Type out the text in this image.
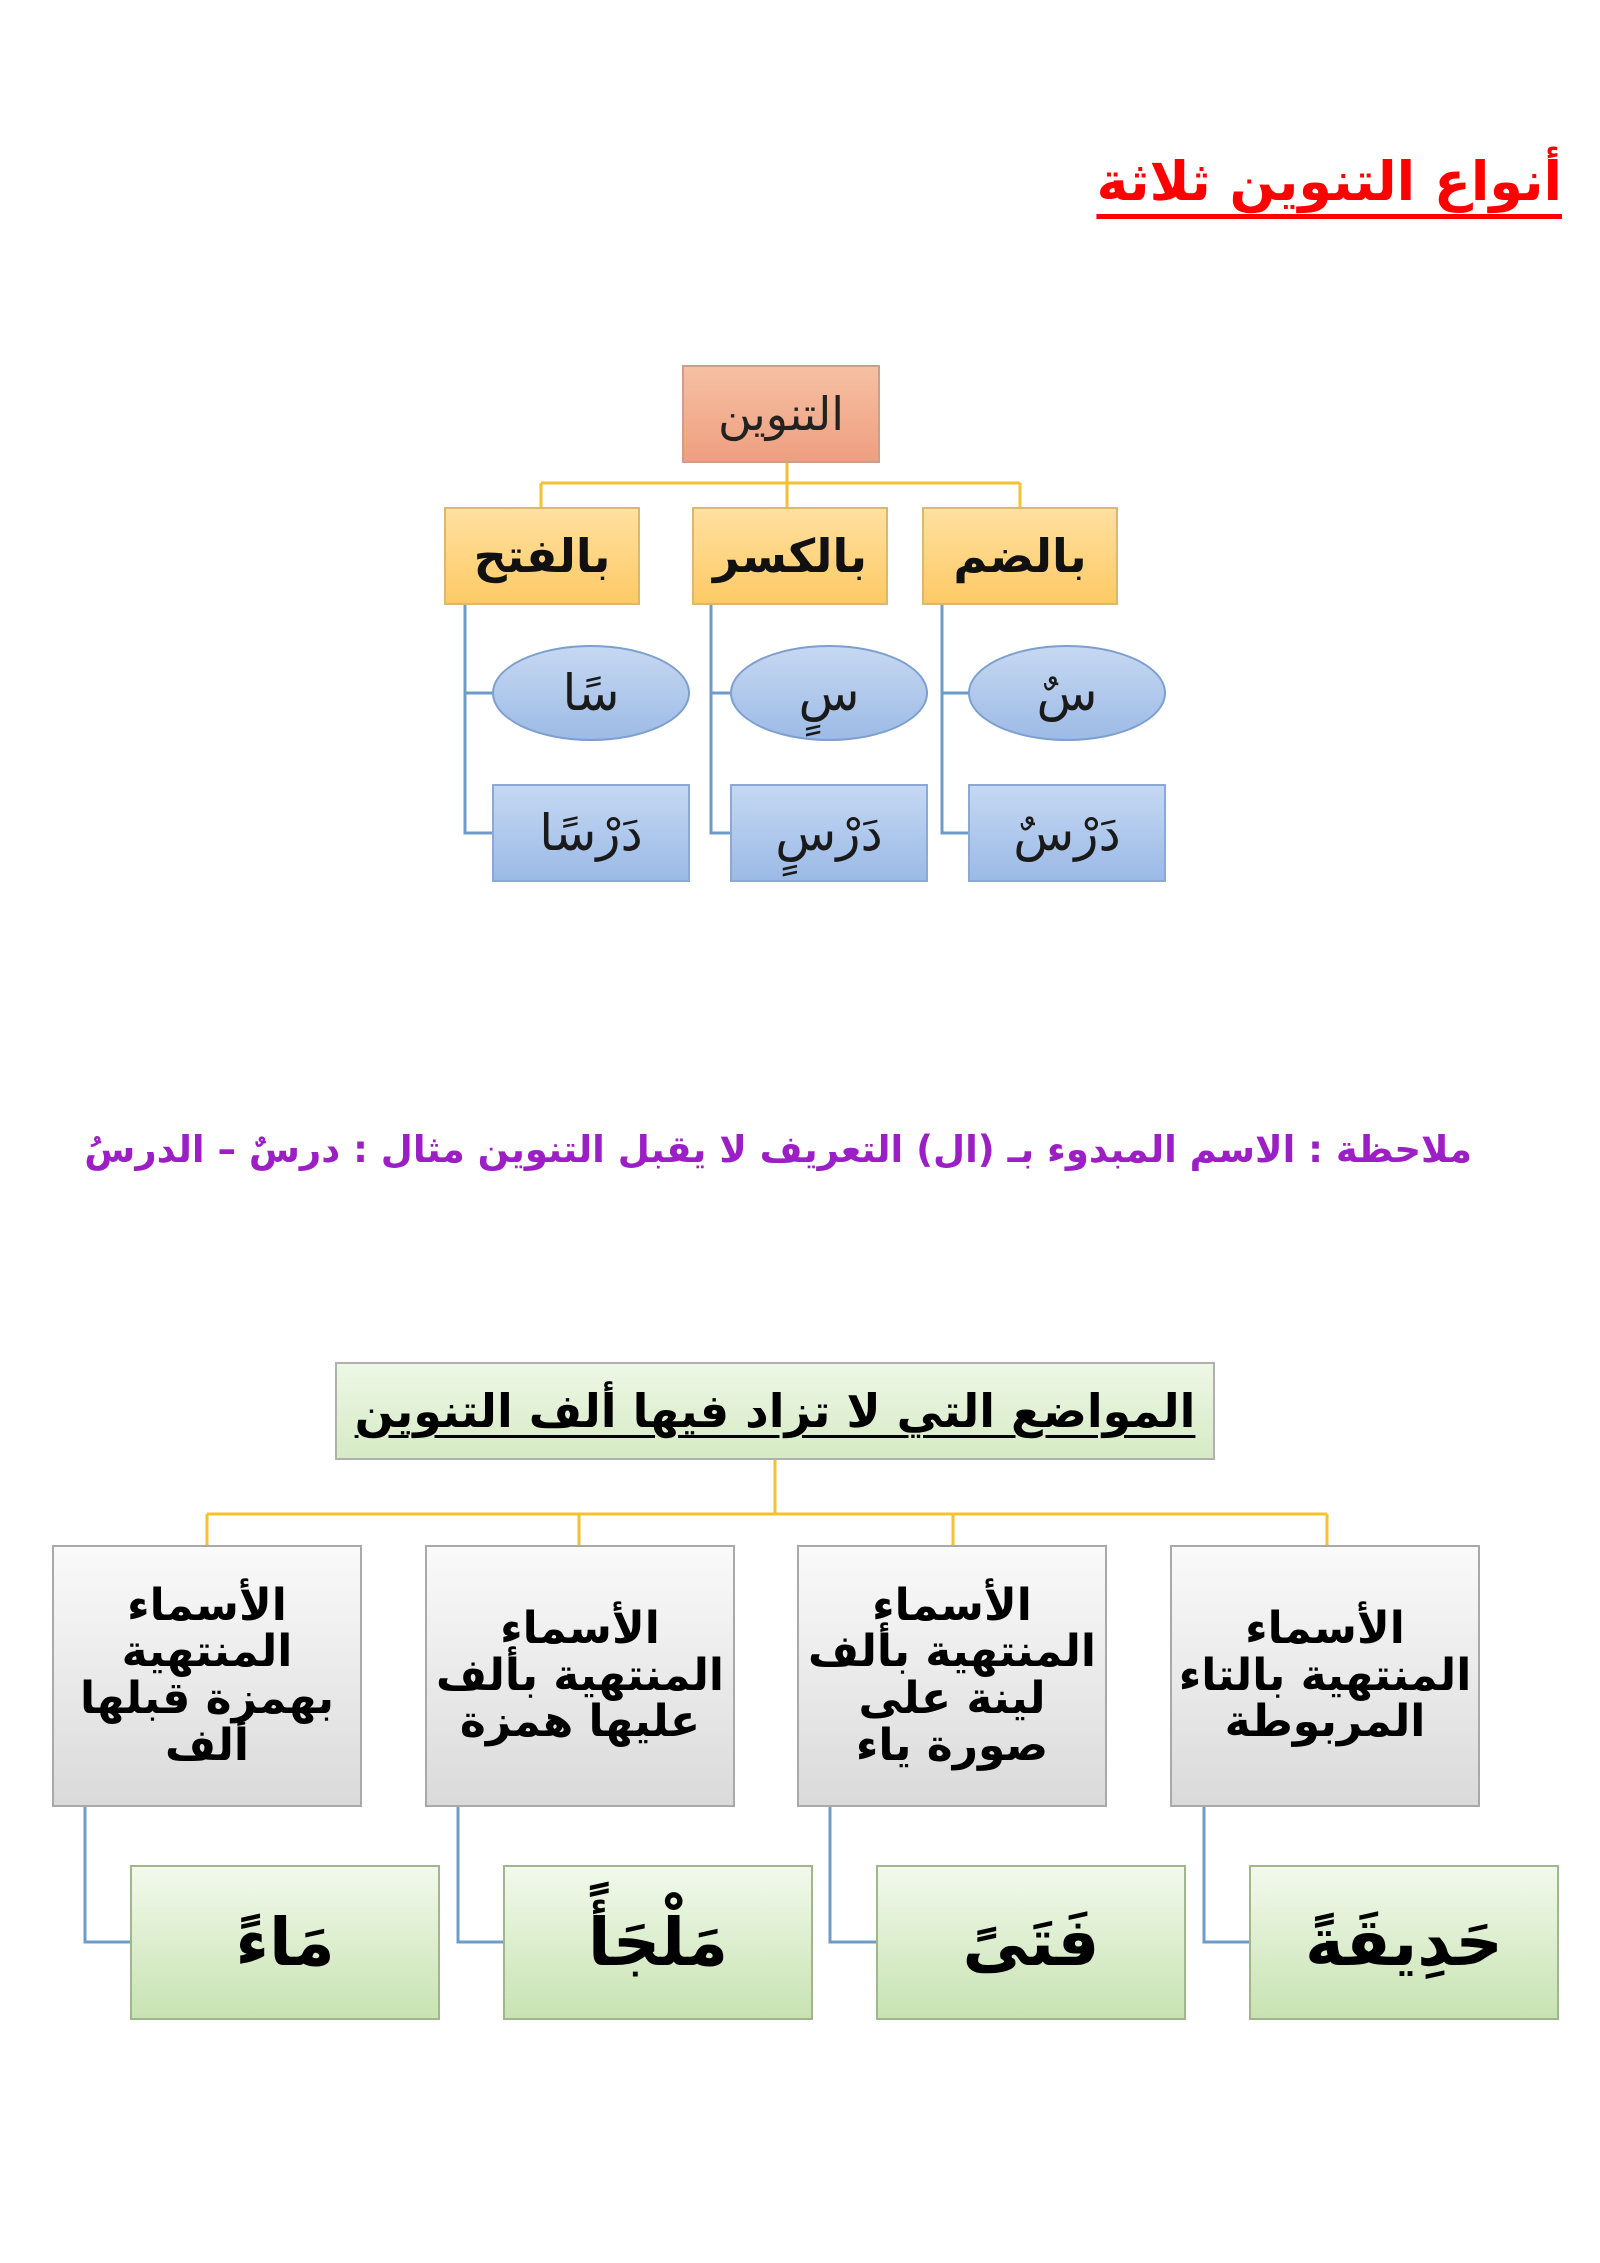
أنواع التنوين ثلاثة
التنوين
بالضم
بالكسر
بالفتح
سٌ
سٍ
سًا
دَرْسٌ
دَرْسٍ
دَرْسًا
ملاحظة : الاسم المبدوء بـ (ال) التعريف لا يقبل التنوين مثال : درسٌ – الدرسُ
المواضع التي لا تزاد فيها ألف التنوين
الأسماء المنتهية بالتاء المربوطة
الأسماء المنتهية بألف لينة على صورة ياء
الأسماء المنتهية بألف عليها همزة
الأسماء المنتهية بهمزة قبلها ألف
حَدِيقَةً
فَتَىً
مَلْجَأً
مَاءً
